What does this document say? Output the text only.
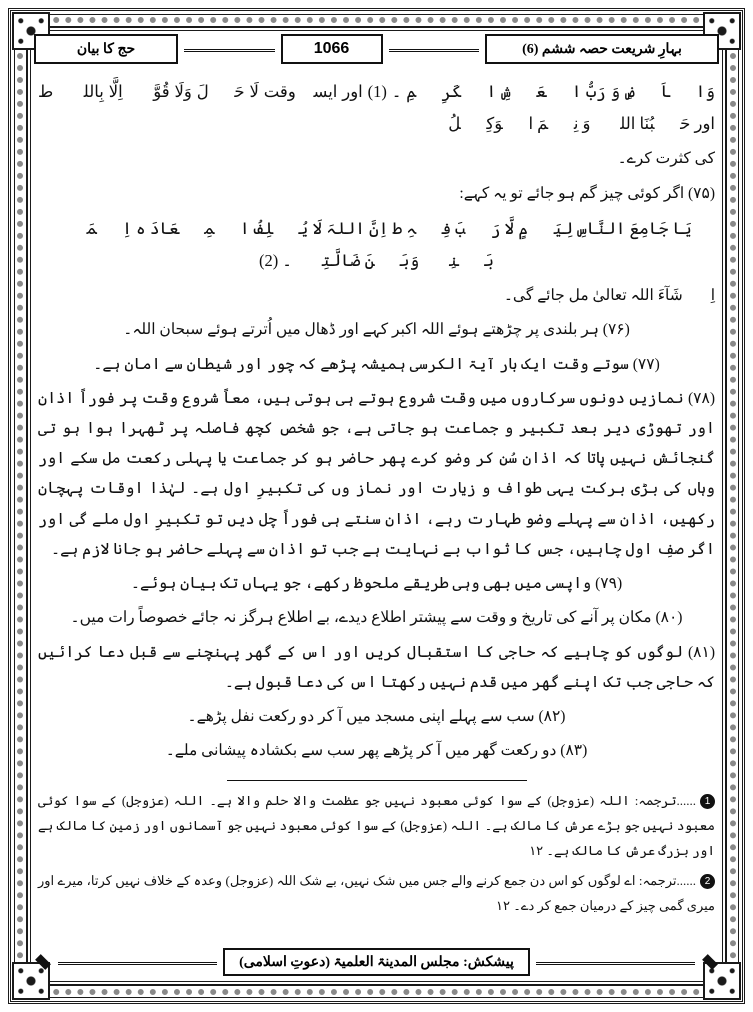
بہارِ شریعت حصہ ششم (6)
1066
حج کا بیان

وَالۡاَرۡضِ وَ رَبُّ الۡعَرۡشِ الۡکَرِیۡمِ ۔ (1) اور ایسے وقت لَا حَوۡلَ وَلَا قُوَّۃَ اِلَّا بِاللہِ ط اور حَسۡبُنَا اللہُ وَ نِعۡمَ الۡوَکِیۡلُ

کی کثرت کرے۔

(۷۵) اگر کوئی چیز گم ہو جائے تو یہ کہے:

یَا جَامِعَ النَّاسِ لِیَوۡمٍ لَّا رَیۡبَ فِیۡہِ ط اِنَّ اللہَ لَا یُخۡلِفُ الۡمِیۡعَادَ ہ اِجۡمَعۡ بَیۡنِیۡ وَبَیۡنَ ضَالَّتِیۡ ۔ (2)

اِنۡ شَآءَ اللہ تعالیٰ مل جائے گی۔

(۷۶) ہر بلندی پر چڑھتے ہوئے اللہ اکبر کہے اور ڈھال میں اُترتے ہوئے سبحان اللہ۔

(۷۷) سوتے وقت ایک بار آیۃ الکرسی ہمیشہ پڑھے کہ چور اور شیطان سے امان ہے۔

(۷۸) نمازیں دونوں سرکاروں میں وقت شروع ہوتے ہی ہوتی ہیں، معاً شروع وقت پر فوراً اذان اور تھوڑی دیر بعد تکبیر و جماعت ہو جاتی ہے، جو شخص کچھ فاصلہ پر ٹھہرا ہوا ہو تی گنجائش نہیں پاتا کہ اذان سُن کر وضو کرے پھر حاضر ہو کر جماعت یا پہلی رکعت مل سکے اور وہاں کی بڑی برکت یہی طواف و زیارت اور نماز وں کی تکبیرِ اول ہے۔ لہٰذا اوقات پہچان رکھیں، اذان سے پہلے وضو طہارت رہے، اذان سنتے ہی فوراً چل دیں تو تکبیرِ اول ملے گی اور اگر صفِ اول چاہیں، جس کا ثواب بے نہایت ہے جب تو اذان سے پہلے حاضر ہو جانا لازم ہے۔

(۷۹) واپسی میں بھی وہی طریقے ملحوظ رکھے، جو یہاں تک بیان ہوئے۔

(۸۰) مکان پر آنے کی تاریخ و وقت سے پیشتر اطلاع دیدے، بے اطلاع ہرگز نہ جائے خصوصاً رات میں۔

(۸۱) لوگوں کو چاہیے کہ حاجی کا استقبال کریں اور اس کے گھر پہنچنے سے قبل دعا کرائیں کہ حاجی جب تک اپنے گھر میں قدم نہیں رکھتا اس کی دعا قبول ہے۔

(۸۲) سب سے پہلے اپنی مسجد میں آ کر دو رکعت نفل پڑھے۔

(۸۳) دو رکعت گھر میں آ کر پڑھے پھر سب سے بکشادہ پیشانی ملے۔

1......ترجمہ: اللہ (عزوجل) کے سوا کوئی معبود نہیں جو عظمت والا حلم والا ہے۔ اللہ (عزوجل) کے سوا کوئی معبود نہیں جو بڑے عرش کا مالک ہے۔ اللہ (عزوجل) کے سوا کوئی معبود نہیں جو آسمانوں اور زمین کا مالک ہے اور بزرگ عرش کا مالک ہے۔ ۱۲
2......ترجمہ: اے لوگوں کو اس دن جمع کرنے والے جس میں شک نہیں، بے شک اللہ (عزوجل) وعدہ کے خلاف نہیں کرتا، میرے اور میری گمی چیز کے درمیان جمع کر دے۔ ۱۲
پیشکش:

مجلس المدینۃ العلمیۃ

(دعوتِ اسلامی)
